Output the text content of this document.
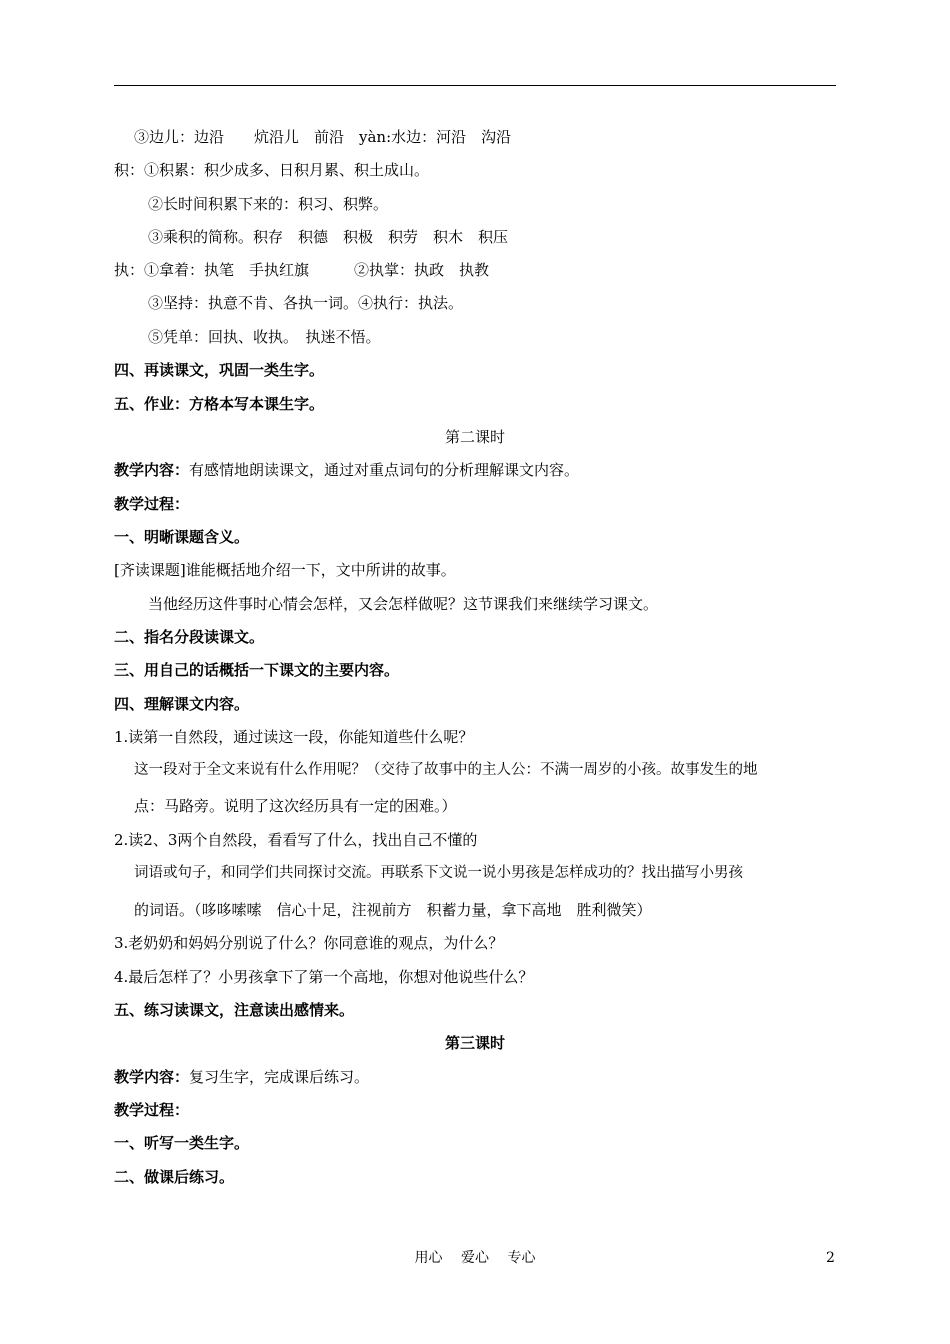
③边儿：边沿　　炕沿儿　前沿　yàn:水边：河沿　沟沿
积：①积累：积少成多、日积月累、积土成山。
②长时间积累下来的：积习、积弊。
③乘积的简称。积存　积德　积极　积劳　积木　积压
执：①拿着：执笔　手执红旗　　　②执掌：执政　执教
③坚持：执意不肯、各执一词。④执行：执法。
⑤凭单：回执、收执。　执迷不悟。
四、再读课文，巩固一类生字。
五、作业：方格本写本课生字。
第二课时
教学内容：有感情地朗读课文，通过对重点词句的分析理解课文内容。
教学过程：
一、明晰课题含义。
[齐读课题]谁能概括地介绍一下，文中所讲的故事。
当他经历这件事时心情会怎样，又会怎样做呢？这节课我们来继续学习课文。
二、指名分段读课文。
三、用自己的话概括一下课文的主要内容。
四、理解课文内容。
1.读第一自然段，通过读这一段，你能知道些什么呢？
这一段对于全文来说有什么作用呢？（交待了故事中的主人公：不满一周岁的小孩。故事发生的地
点：马路旁。说明了这次经历具有一定的困难。）
2.读2、3两个自然段，看看写了什么，找出自己不懂的
词语或句子，和同学们共同探讨交流。再联系下文说一说小男孩是怎样成功的？找出描写小男孩
的词语。（哆哆嗦嗦　信心十足，注视前方　积蓄力量，拿下高地　胜利微笑）
3.老奶奶和妈妈分别说了什么？你同意谁的观点，为什么？
4.最后怎样了？小男孩拿下了第一个高地，你想对他说些什么？
五、练习读课文，注意读出感情来。
第三课时
教学内容：复习生字，完成课后练习。
教学过程：
一、听写一类生字。
二、做课后练习。
用心　 爱心　 专心	2
